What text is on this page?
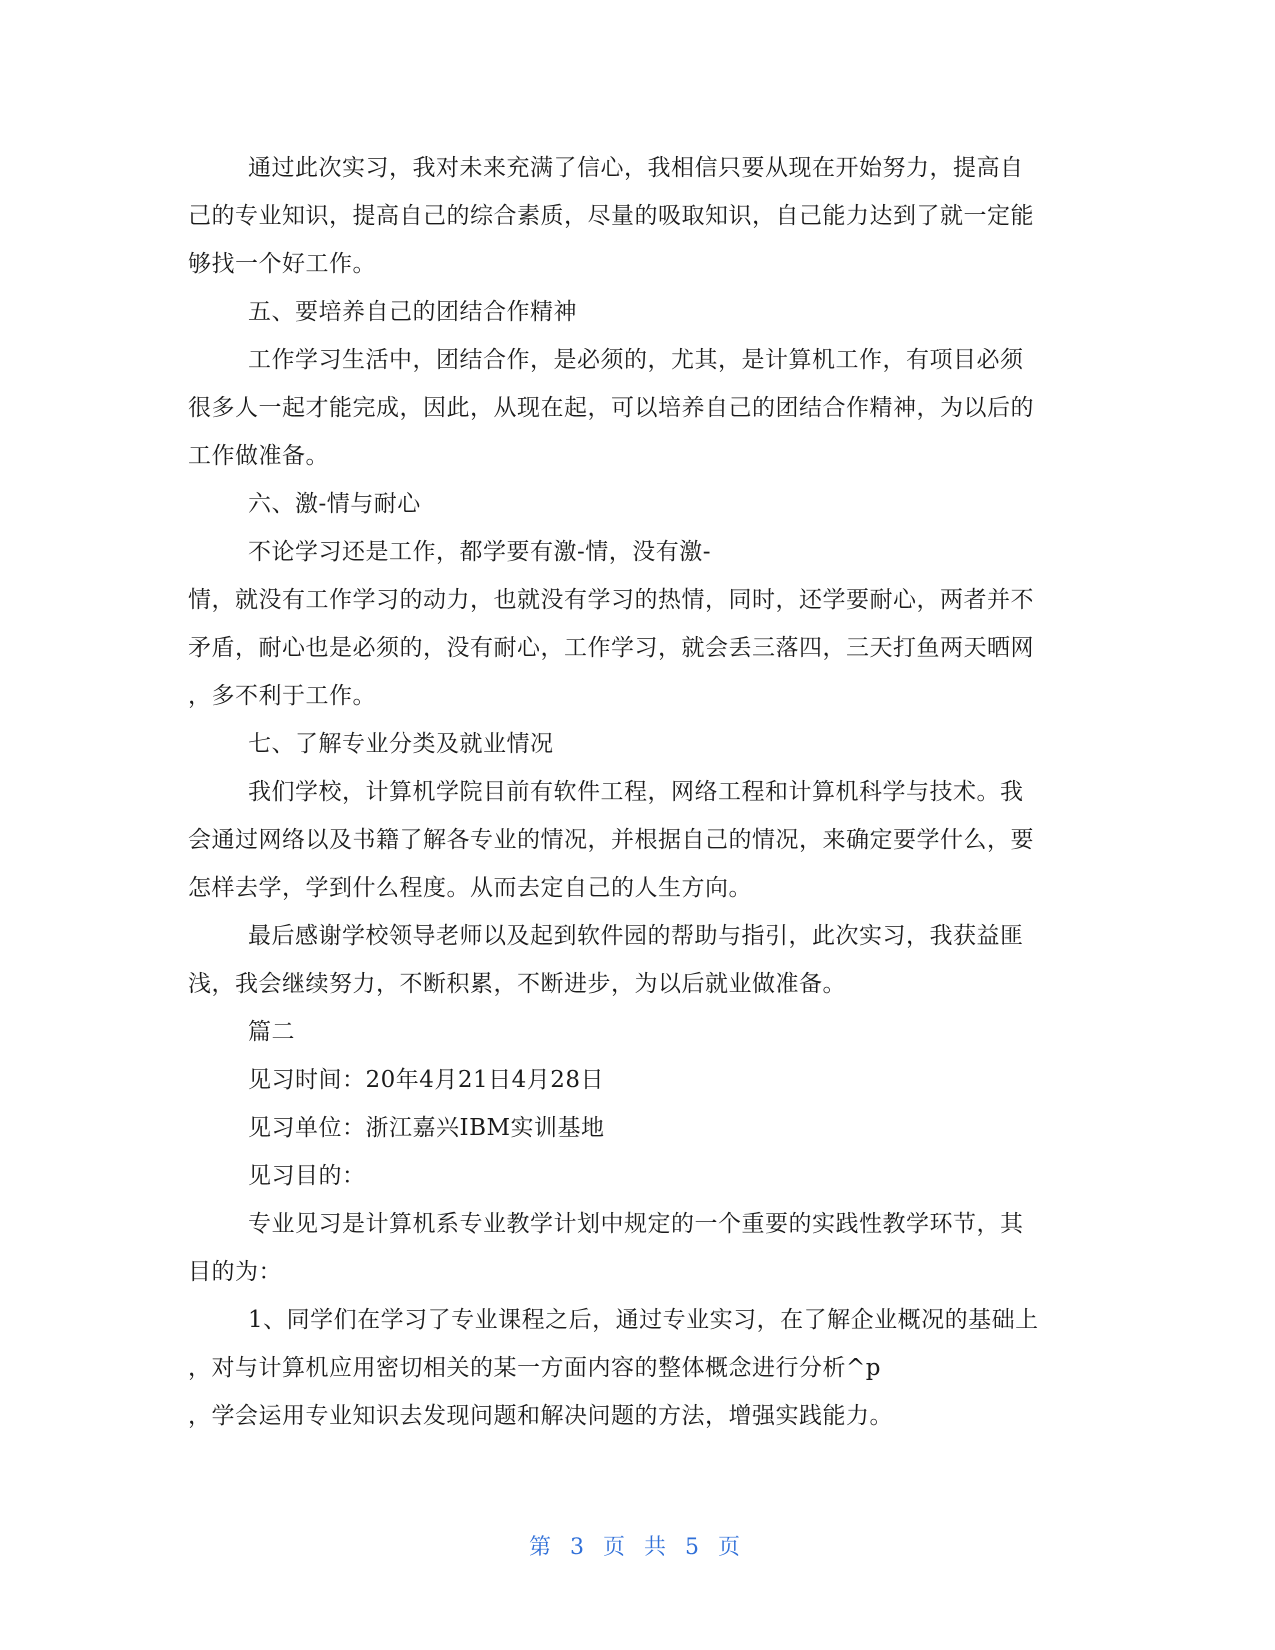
通过此次实习，我对未来充满了信心，我相信只要从现在开始努力，提高自
己的专业知识，提高自己的综合素质，尽量的吸取知识，自己能力达到了就一定能
够找一个好工作。
五、要培养自己的团结合作精神
工作学习生活中，团结合作，是必须的，尤其，是计算机工作，有项目必须
很多人一起才能完成，因此，从现在起，可以培养自己的团结合作精神，为以后的
工作做准备。
六、激-情与耐心
不论学习还是工作，都学要有激-情，没有激-
情，就没有工作学习的动力，也就没有学习的热情，同时，还学要耐心，两者并不
矛盾，耐心也是必须的，没有耐心，工作学习，就会丢三落四，三天打鱼两天晒网
，多不利于工作。
七、了解专业分类及就业情况
我们学校，计算机学院目前有软件工程，网络工程和计算机科学与技术。我
会通过网络以及书籍了解各专业的情况，并根据自己的情况，来确定要学什么，要
怎样去学，学到什么程度。从而去定自己的人生方向。
最后感谢学校领导老师以及起到软件园的帮助与指引，此次实习，我获益匪
浅，我会继续努力，不断积累，不断进步，为以后就业做准备。
篇二
见习时间：20年4月21日4月28日
见习单位：浙江嘉兴IBM实训基地
见习目的：
专业见习是计算机系专业教学计划中规定的一个重要的实践性教学环节，其
目的为：
1、同学们在学习了专业课程之后，通过专业实习，在了解企业概况的基础上
，对与计算机应用密切相关的某一方面内容的整体概念进行分析^p
，学会运用专业知识去发现问题和解决问题的方法，增强实践能力。
第 3 页 共 5 页
